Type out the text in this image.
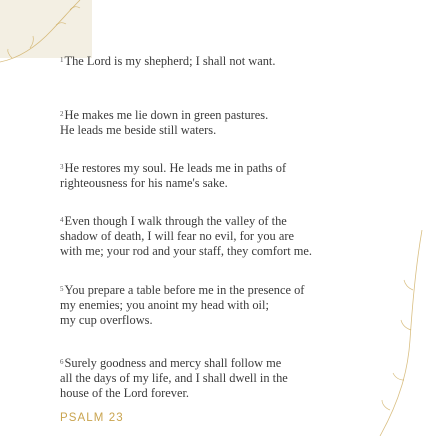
$^1$The Lord is my shepherd; I shall not want.
$^2$He makes me lie down in green pastures.
He leads me beside still waters.
$^3$He restores my soul. He leads me in paths of
righteousness for his name's sake.
$^4$Even though I walk through the valley of the
shadow of death, I will fear no evil, for you are
with me; your rod and your staff, they comfort me.
$^5$You prepare a table before me in the presence of
my enemies; you anoint my head with oil;
my cup overflows.
$^6$Surely goodness and mercy shall follow me
all the days of my life, and I shall dwell in the
house of the Lord forever.
PSALM 23
